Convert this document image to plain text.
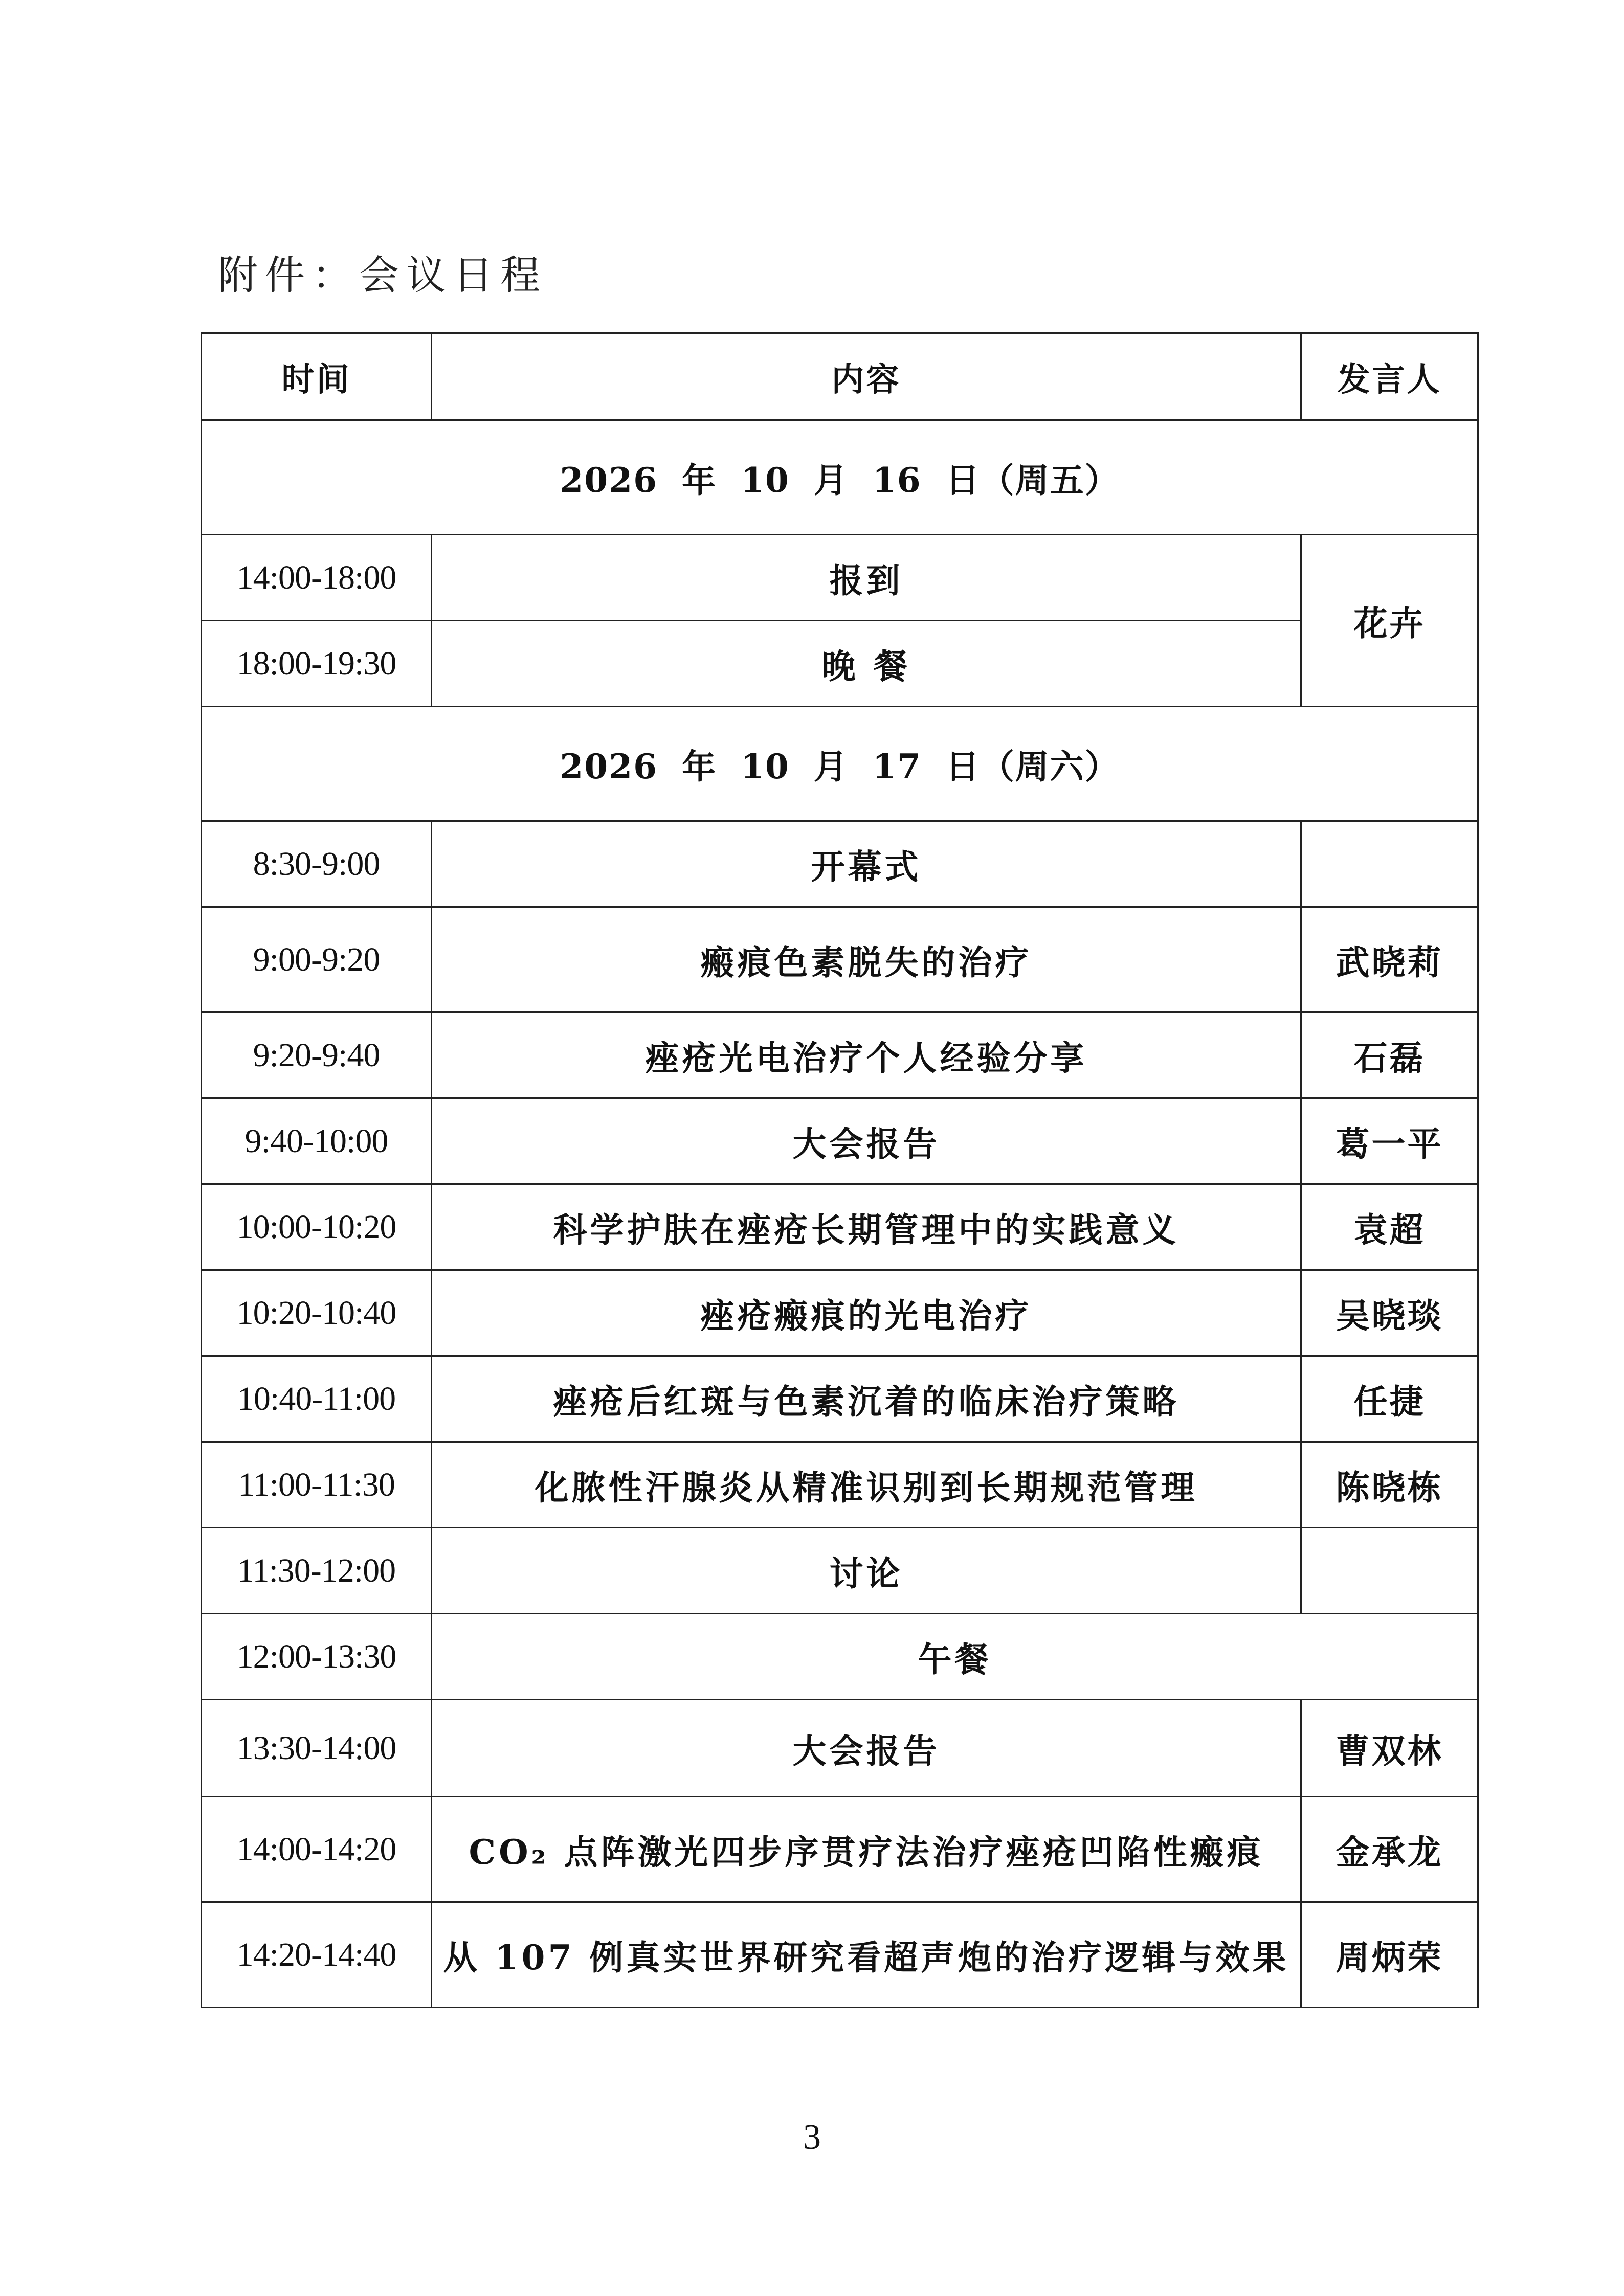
附件：会议日程
时间	内容	发言人
2026 年 10 月 16 日（周五）		
14:00-18:00	报到	花卉
18:00-19:30	晚 餐	
2026 年 10 月 17 日（周六）		
8:30-9:00	开幕式	
9:00-9:20	瘢痕色素脱失的治疗	武晓莉
9:20-9:40	痤疮光电治疗个人经验分享	石磊
9:40-10:00	大会报告	葛一平
10:00-10:20	科学护肤在痤疮长期管理中的实践意义	袁超
10:20-10:40	痤疮瘢痕的光电治疗	吴晓琰
10:40-11:00	痤疮后红斑与色素沉着的临床治疗策略	任捷
11:00-11:30	化脓性汗腺炎从精准识别到长期规范管理	陈晓栋
11:30-12:00	讨论	
12:00-13:30	午餐	
13:30-14:00	大会报告	曹双林
14:00-14:20	CO₂ 点阵激光四步序贯疗法治疗痤疮凹陷性瘢痕	金承龙
14:20-14:40	从 107 例真实世界研究看超声炮的治疗逻辑与效果	周炳荣
3
